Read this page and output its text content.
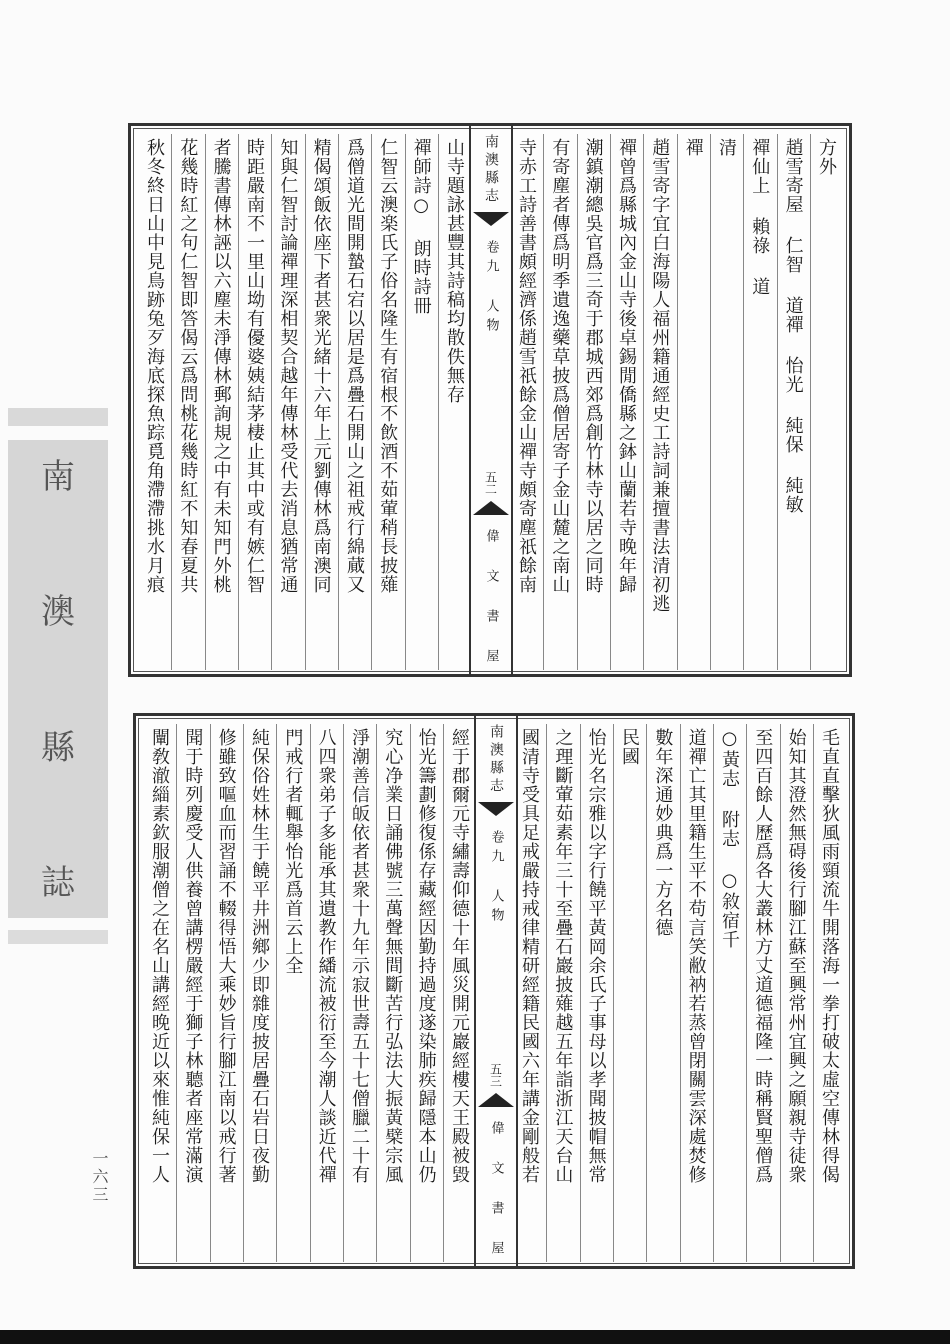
南
澳
縣
誌
方外
趙雪寄屋 仁智 道禪 怡光 純保 純敏
禪仙上 賴祿 道
清
禪
趙雪寄字宜白海陽人福州籍通經史工詩詞兼擅書法清初逃
禪曾爲縣城內金山寺後卓錫閒僑縣之鉢山蘭若寺晚年歸
潮鎮潮總吳官爲三奇于郡城西郊爲創竹林寺以居之同時
有寄塵者傳爲明季遺逸藥草披爲僧居寄子金山麓之南山
寺赤工詩善書頗經濟係趙雪祇餘金山禪寺頗寄塵祇餘南
南澳縣志
卷九 人物
五二
偉 文 書 屋
山寺題詠甚豐其詩稿均散佚無存
禪師詩○ 朗時詩冊
仁智云澳楽氏子俗名隆生有宿根不飲酒不茹葷稍長披薙
爲僧道光間開蟄石宕以居是爲疊石開山之祖戒行綿蕆又
精偈頌飯依座下者甚衆光緒十六年上元劉傳林爲南澳同
知與仁智討論禪理深相契合越年傳林受代去消息猶常通
時距嚴南不一里山坳有優婆姨結茅棲止其中或有嫉仁智
者騰書傳林誣以六塵未淨傳林郵詢規之中有未知門外桃
花幾時紅之句仁智即答偈云爲問桃花幾時紅不知春夏共
秋冬終日山中見鳥跡兔歹海底探魚踪覓角滯滯挑水月痕
毛直直擊狄風雨頸流牛開落海一拳打破太虛空傳林得偈
始知其澄然無碍後行腳江蘇至興常州宜興之願親寺徒衆
至四百餘人歷爲各大叢林方丈道德福隆一時稱賢聖僧爲
○黃志 附志 ○敘宿千
道禪亡其里籍生平不苟言笑敝衲若蒸曾閉關雲深處焚修
數年深通妙典爲一方名德
民國
怡光名宗雅以字行饒平黃岡余氏子事母以孝聞披帽無常
之理斷葷茹素年三十至疊石巖披薙越五年詣浙江天台山
國清寺受具足戒嚴持戒律精研經籍民國六年講金剛般若
南澳縣志
卷九 人物
五三
偉 文 書 屋
經于郡爾元寺繡壽仰德十年風災開元巖經樓天王殿被毀
怡光籌劃修復係存藏經因勤持過度遂染肺疾歸隱本山仍
究心净業日誦佛號三萬聲無間斷苦行弘法大振黃檗宗風
淨潮善信皈依者甚衆十九年示寂世壽五十七僧臘二十有
八四衆弟子多能承其遺教作繙流被衍至今潮人談近代禪
門戒行者輒舉怡光爲首云上全
純保俗姓林生于饒平井洲鄉少即雜度披居疊石岩日夜勤
修雖致嘔血而習誦不輟得悟大乘妙旨行腳江南以戒行著
聞于時列慶受人供養曾講楞嚴經于獅子林聽者座常滿演
闡敎澈緇素欽服潮僧之在名山講經晚近以來惟純保一人
一六三
